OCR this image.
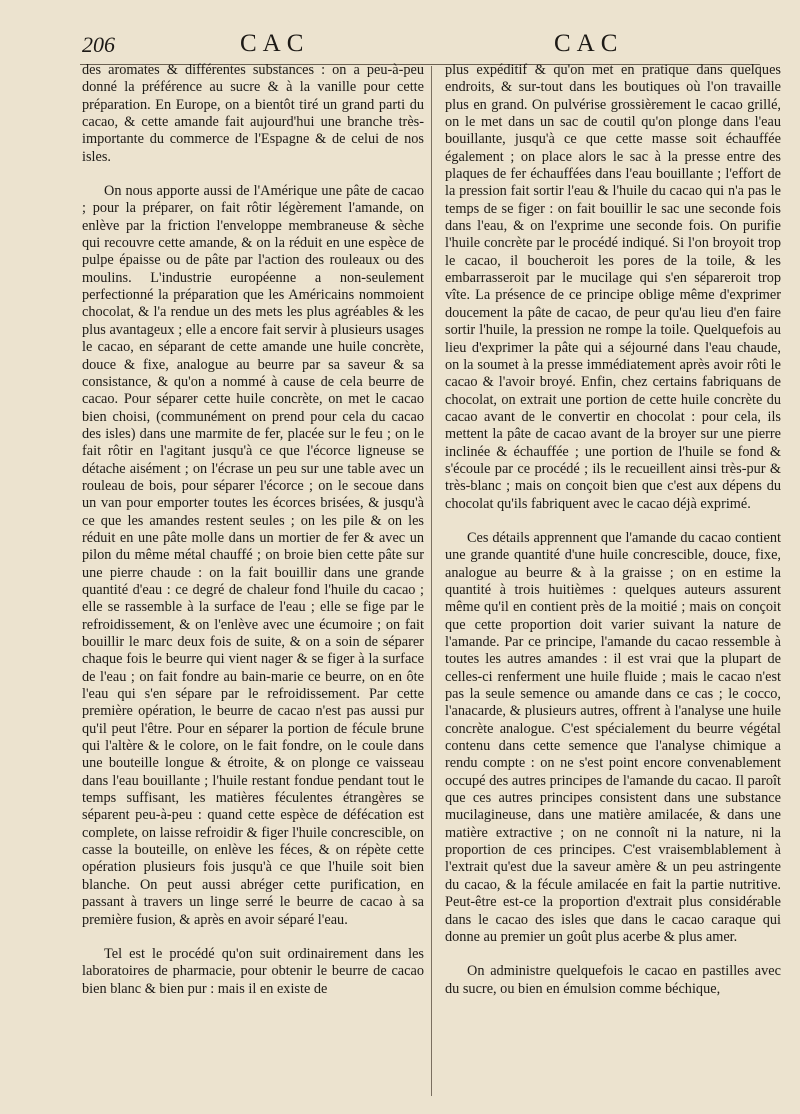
206	CAC	CAC

des aromates & différentes substances : on a peu-à-peu donné la préférence au sucre & à la vanille pour cette préparation. En Europe, on a bientôt tiré un grand parti du cacao, & cette amande fait aujourd'hui une branche très-importante du commerce de l'Espagne & de celui de nos isles.

On nous apporte aussi de l'Amérique une pâte de cacao ; pour la préparer, on fait rôtir légèrement l'amande, on enlève par la friction l'enveloppe membraneuse & sèche qui recouvre cette amande, & on la réduit en une espèce de pulpe épaisse ou de pâte par l'action des rouleaux ou des moulins. L'industrie européenne a non-seulement perfectionné la préparation que les Américains nommoient chocolat, & l'a rendue un des mets les plus agréables & les plus avantageux ; elle a encore fait servir à plusieurs usages le cacao, en séparant de cette amande une huile concrète, douce & fixe, analogue au beurre par sa saveur & sa consistance, & qu'on a nommé à cause de cela beurre de cacao. Pour séparer cette huile concrète, on met le cacao bien choisi, (communément on prend pour cela du cacao des isles) dans une marmite de fer, placée sur le feu ; on le fait rôtir en l'agitant jusqu'à ce que l'écorce ligneuse se détache aisément ; on l'écrase un peu sur une table avec un rouleau de bois, pour séparer l'écorce ; on le secoue dans un van pour emporter toutes les écorces brisées, & jusqu'à ce que les amandes restent seules ; on les pile & on les réduit en une pâte molle dans un mortier de fer & avec un pilon du même métal chauffé ; on broie bien cette pâte sur une pierre chaude : on la fait bouillir dans une grande quantité d'eau : ce degré de chaleur fond l'huile du cacao ; elle se rassemble à la surface de l'eau ; elle se fige par le refroidissement, & on l'enlève avec une écumoire ; on fait bouillir le marc deux fois de suite, & on a soin de séparer chaque fois le beurre qui vient nager & se figer à la surface de l'eau ; on fait fondre au bain-marie ce beurre, on en ôte l'eau qui s'en sépare par le refroidissement. Par cette première opération, le beurre de cacao n'est pas aussi pur qu'il peut l'être. Pour en séparer la portion de fécule brune qui l'altère & le colore, on le fait fondre, on le coule dans une bouteille longue & étroite, & on plonge ce vaisseau dans l'eau bouillante ; l'huile restant fondue pendant tout le temps suffisant, les matières féculentes étrangères se séparent peu-à-peu : quand cette espèce de défécation est complete, on laisse refroidir & figer l'huile concrescible, on casse la bouteille, on enlève les féces, & on répète cette opération plusieurs fois jusqu'à ce que l'huile soit bien blanche. On peut aussi abréger cette purification, en passant à travers un linge serré le beurre de cacao à sa première fusion, & après en avoir séparé l'eau.

Tel est le procédé qu'on suit ordinairement dans les laboratoires de pharmacie, pour obtenir le beurre de cacao bien blanc & bien pur : mais il en existe de

plus expéditif & qu'on met en pratique dans quelques endroits, & sur-tout dans les boutiques où l'on travaille plus en grand. On pulvérise grossièrement le cacao grillé, on le met dans un sac de coutil qu'on plonge dans l'eau bouillante, jusqu'à ce que cette masse soit échauffée également ; on place alors le sac à la presse entre des plaques de fer échauffées dans l'eau bouillante ; l'effort de la pression fait sortir l'eau & l'huile du cacao qui n'a pas le temps de se figer : on fait bouillir le sac une seconde fois dans l'eau, & on l'exprime une seconde fois. On purifie l'huile concrète par le procédé indiqué. Si l'on broyoit trop le cacao, il boucheroit les pores de la toile, & les embarrasseroit par le mucilage qui s'en sépareroit trop vîte. La présence de ce principe oblige même d'exprimer doucement la pâte de cacao, de peur qu'au lieu d'en faire sortir l'huile, la pression ne rompe la toile. Quelquefois au lieu d'exprimer la pâte qui a séjourné dans l'eau chaude, on la soumet à la presse immédiatement après avoir rôti le cacao & l'avoir broyé. Enfin, chez certains fabriquans de chocolat, on extrait une portion de cette huile concrète du cacao avant de le convertir en chocolat : pour cela, ils mettent la pâte de cacao avant de la broyer sur une pierre inclinée & échauffée ; une portion de l'huile se fond & s'écoule par ce procédé ; ils le recueillent ainsi très-pur & très-blanc ; mais on conçoit bien que c'est aux dépens du chocolat qu'ils fabriquent avec le cacao déjà exprimé.

Ces détails apprennent que l'amande du cacao contient une grande quantité d'une huile concrescible, douce, fixe, analogue au beurre & à la graisse ; on en estime la quantité à trois huitièmes : quelques auteurs assurent même qu'il en contient près de la moitié ; mais on conçoit que cette proportion doit varier suivant la nature de l'amande. Par ce principe, l'amande du cacao ressemble à toutes les autres amandes : il est vrai que la plupart de celles-ci renferment une huile fluide ; mais le cacao n'est pas la seule semence ou amande dans ce cas ; le cocco, l'anacarde, & plusieurs autres, offrent à l'analyse une huile concrète analogue. C'est spécialement du beurre végétal contenu dans cette semence que l'analyse chimique a rendu compte : on ne s'est point encore convenablement occupé des autres principes de l'amande du cacao. Il paroît que ces autres principes consistent dans une substance mucilagineuse, dans une matière amilacée, & dans une matière extractive ; on ne connoît ni la nature, ni la proportion de ces principes. C'est vraisemblablement à l'extrait qu'est due la saveur amère & un peu astringente du cacao, & la fécule amilacée en fait la partie nutritive. Peut-être est-ce la proportion d'extrait plus considérable dans le cacao des isles que dans le cacao caraque qui donne au premier un goût plus acerbe & plus amer.

On administre quelquefois le cacao en pastilles avec du sucre, ou bien en émulsion comme béchique,
